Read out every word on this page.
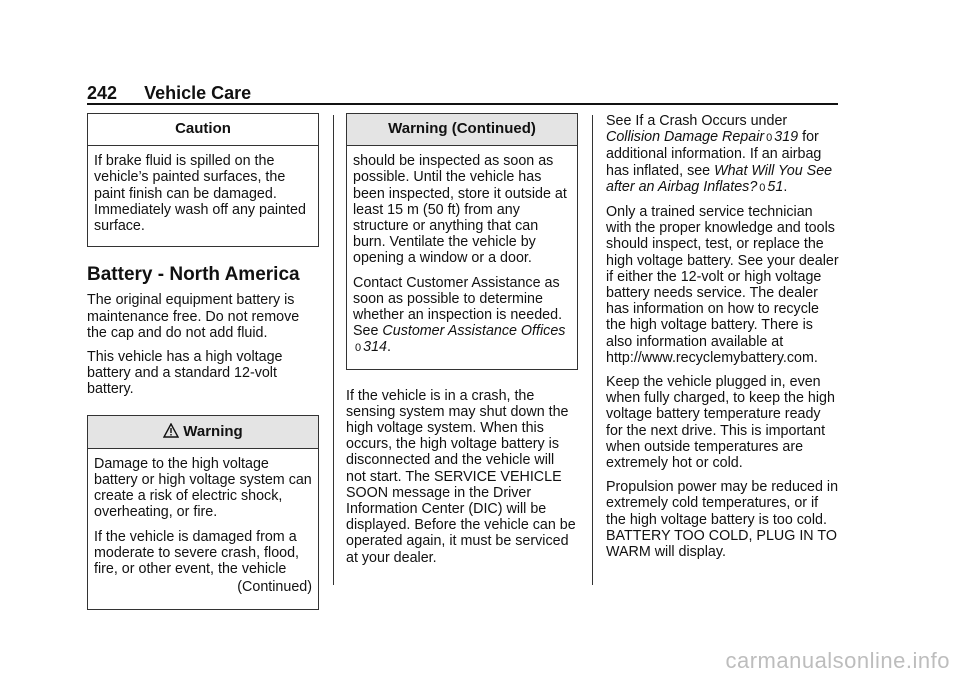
242 Vehicle Care
Caution

If brake fluid is spilled on the vehicle’s painted surfaces, the paint finish can be damaged. Immediately wash off any painted surface.

Battery - North America

The original equipment battery is maintenance free. Do not remove the cap and do not add fluid.

This vehicle has a high voltage battery and a standard 12-volt battery.

Warning

Damage to the high voltage battery or high voltage system can create a risk of electric shock, overheating, or fire.

If the vehicle is damaged from a moderate to severe crash, flood, fire, or other event, the vehicle

(Continued)

Warning (Continued)

should be inspected as soon as possible. Until the vehicle has been inspected, store it outside at least 15 m (50 ft) from any structure or anything that can burn. Ventilate the vehicle by opening a window or a door.

Contact Customer Assistance as soon as possible to determine whether an inspection is needed. See Customer Assistance Offices
0 314.

If the vehicle is in a crash, the sensing system may shut down the high voltage system. When this occurs, the high voltage battery is disconnected and the vehicle will not start. The SERVICE VEHICLE SOON message in the Driver Information Center (DIC) will be displayed. Before the vehicle can be operated again, it must be serviced at your dealer.

See If a Crash Occurs under
Collision Damage Repair 0 319 for additional information. If an airbag has inflated, see What Will You See after an Airbag Inflates? 0 51.

Only a trained service technician with the proper knowledge and tools should inspect, test, or replace the high voltage battery. See your dealer if either the 12-volt or high voltage battery needs service. The dealer has information on how to recycle the high voltage battery. There is also information available at http://www.recyclemybattery.com.

Keep the vehicle plugged in, even when fully charged, to keep the high voltage battery temperature ready for the next drive. This is important when outside temperatures are extremely hot or cold.

Propulsion power may be reduced in extremely cold temperatures, or if the high voltage battery is too cold. BATTERY TOO COLD, PLUG IN TO WARM will display.

carmanualsonline.info
